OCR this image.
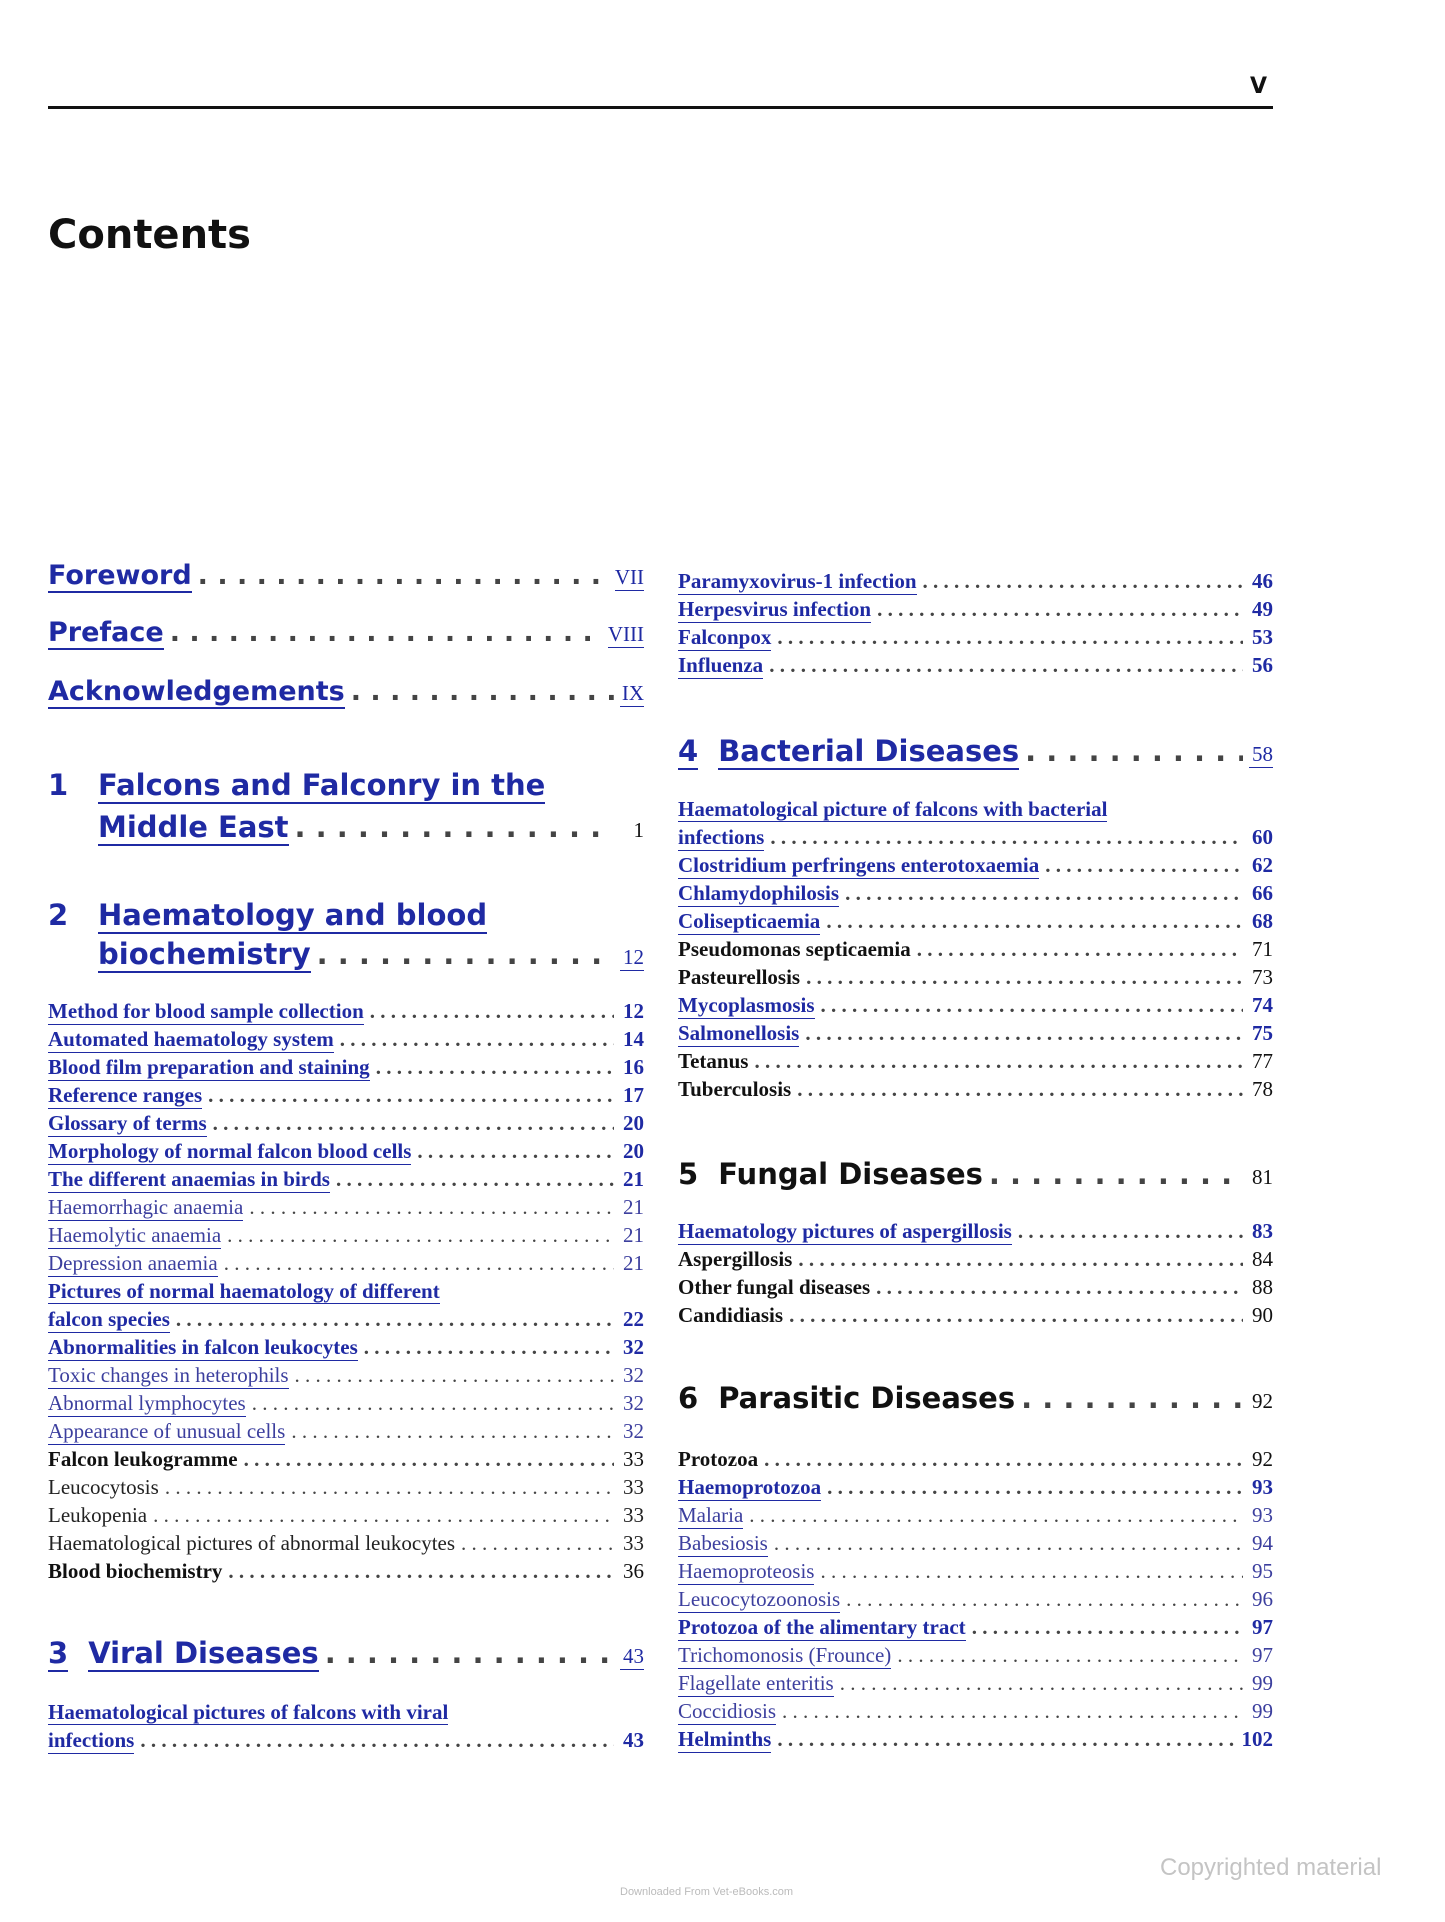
V
Contents
Foreword . . .	VII
Preface . . .	VIII
Acknowledgements . . .	IX
1 Falcons and Falconry in the
Middle East . . .	1
2 Haematology and blood
biochemistry . . .	12
Method for blood sample collection . . .	12
Automated haematology system . . .	14
Blood film preparation and staining . . .	16
Reference ranges . . .	17
Glossary of terms . . .	20
Morphology of normal falcon blood cells . . .	20
The different anaemias in birds . . .	21
Haemorrhagic anaemia . . .	21
Haemolytic anaemia . . .	21
Depression anaemia . . .	21
Pictures of normal haematology of different
falcon species . . .	22
Abnormalities in falcon leukocytes . . .	32
Toxic changes in heterophils . . .	32
Abnormal lymphocytes . . .	32
Appearance of unusual cells . . .	32
Falcon leukogramme . . .	33
Leucocytosis . . .	33
Leukopenia . . .	33
Haematological pictures of abnormal leukocytes . . .	33
Blood biochemistry . . .	36
3 Viral Diseases . . .	43
Haematological pictures of falcons with viral
infections . . .	43
Paramyxovirus-1 infection . . .	46
Herpesvirus infection . . .	49
Falconpox . . .	53
Influenza . . .	56
4 Bacterial Diseases . . .	58
Haematological picture of falcons with bacterial
infections . . .	60
Clostridium perfringens enterotoxaemia . . .	62
Chlamydophilosis . . .	66
Colisepticaemia . . .	68
Pseudomonas septicaemia . . .	71
Pasteurellosis . . .	73
Mycoplasmosis . . .	74
Salmonellosis . . .	75
Tetanus . . .	77
Tuberculosis . . .	78
5 Fungal Diseases . . .	81
Haematology pictures of aspergillosis . . .	83
Aspergillosis . . .	84
Other fungal diseases . . .	88
Candidiasis . . .	90
6 Parasitic Diseases . . .	92
Protozoa . . .	92
Haemoprotozoa . . .	93
Malaria . . .	93
Babesiosis . . .	94
Haemoproteosis . . .	95
Leucocytozoonosis . . .	96
Protozoa of the alimentary tract . . .	97
Trichomonosis (Frounce) . . .	97
Flagellate enteritis . . .	99
Coccidiosis . . .	99
Helminths . . .	102
Copyrighted material
Downloaded From Vet-eBooks.com
